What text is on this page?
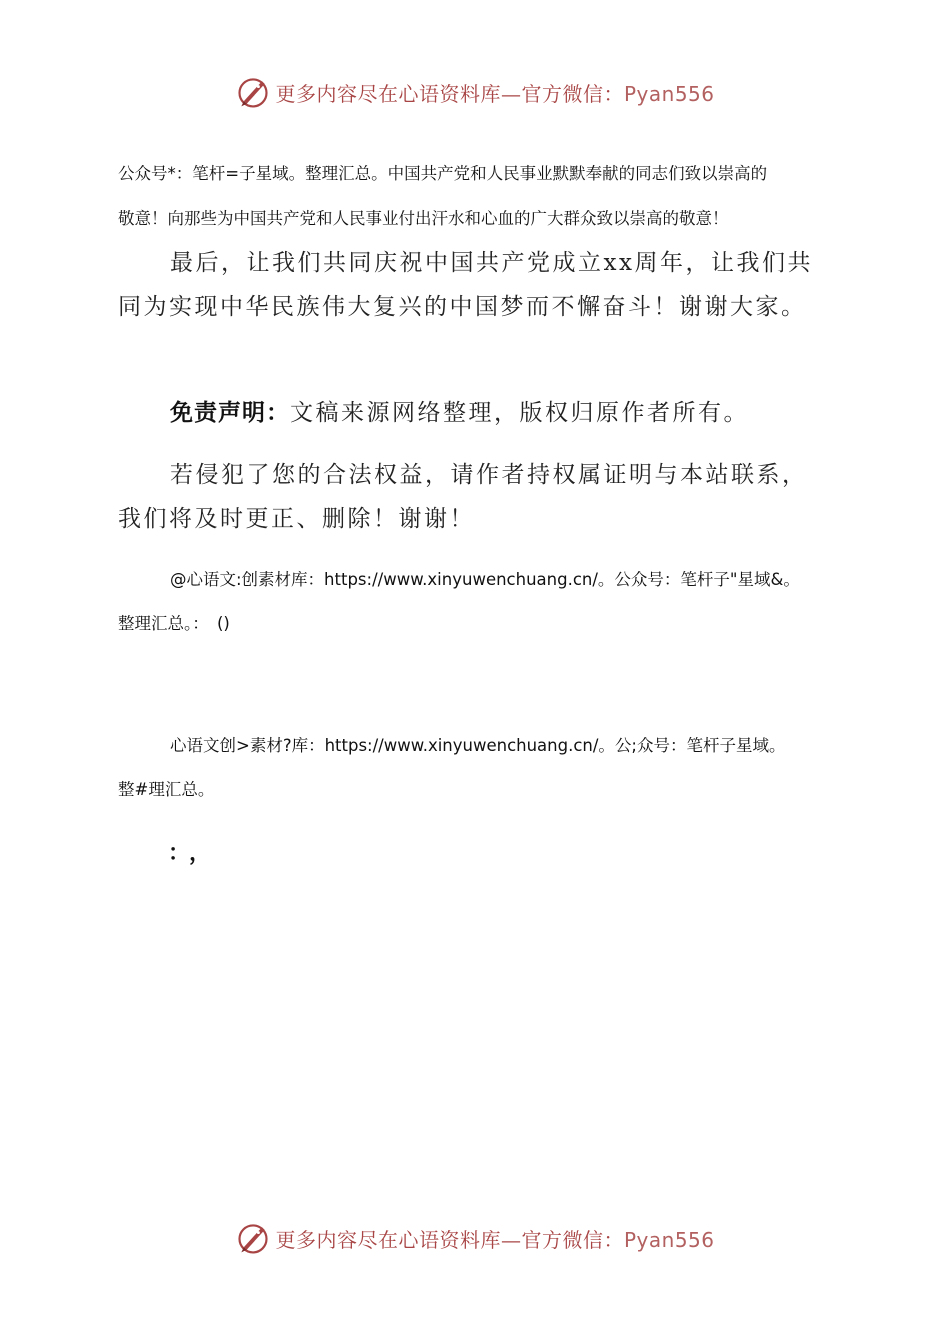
更多内容尽在心语资料库—官方微信：Pyan556

公众号*：笔杆=子星域。整理汇总。中国共产党和人民事业默默奉献的同志们致以崇高的

敬意！向那些为中国共产党和人民事业付出汗水和心血的广大群众致以崇高的敬意！

最后，让我们共同庆祝中国共产党成立xx周年，让我们共

同为实现中华民族伟大复兴的中国梦而不懈奋斗！谢谢大家。

免责声明：文稿来源网络整理，版权归原作者所有。

若侵犯了您的合法权益，请作者持权属证明与本站联系，

我们将及时更正、删除！谢谢！

@心语文:创素材库：https://www.xinyuwenchuang.cn/。公众号：笔杆子"星域&。

整理汇总。：　()

心语文创>素材?库：https://www.xinyuwenchuang.cn/。公;众号：笔杆子星域。

整#理汇总。

：，

更多内容尽在心语资料库—官方微信：Pyan556
